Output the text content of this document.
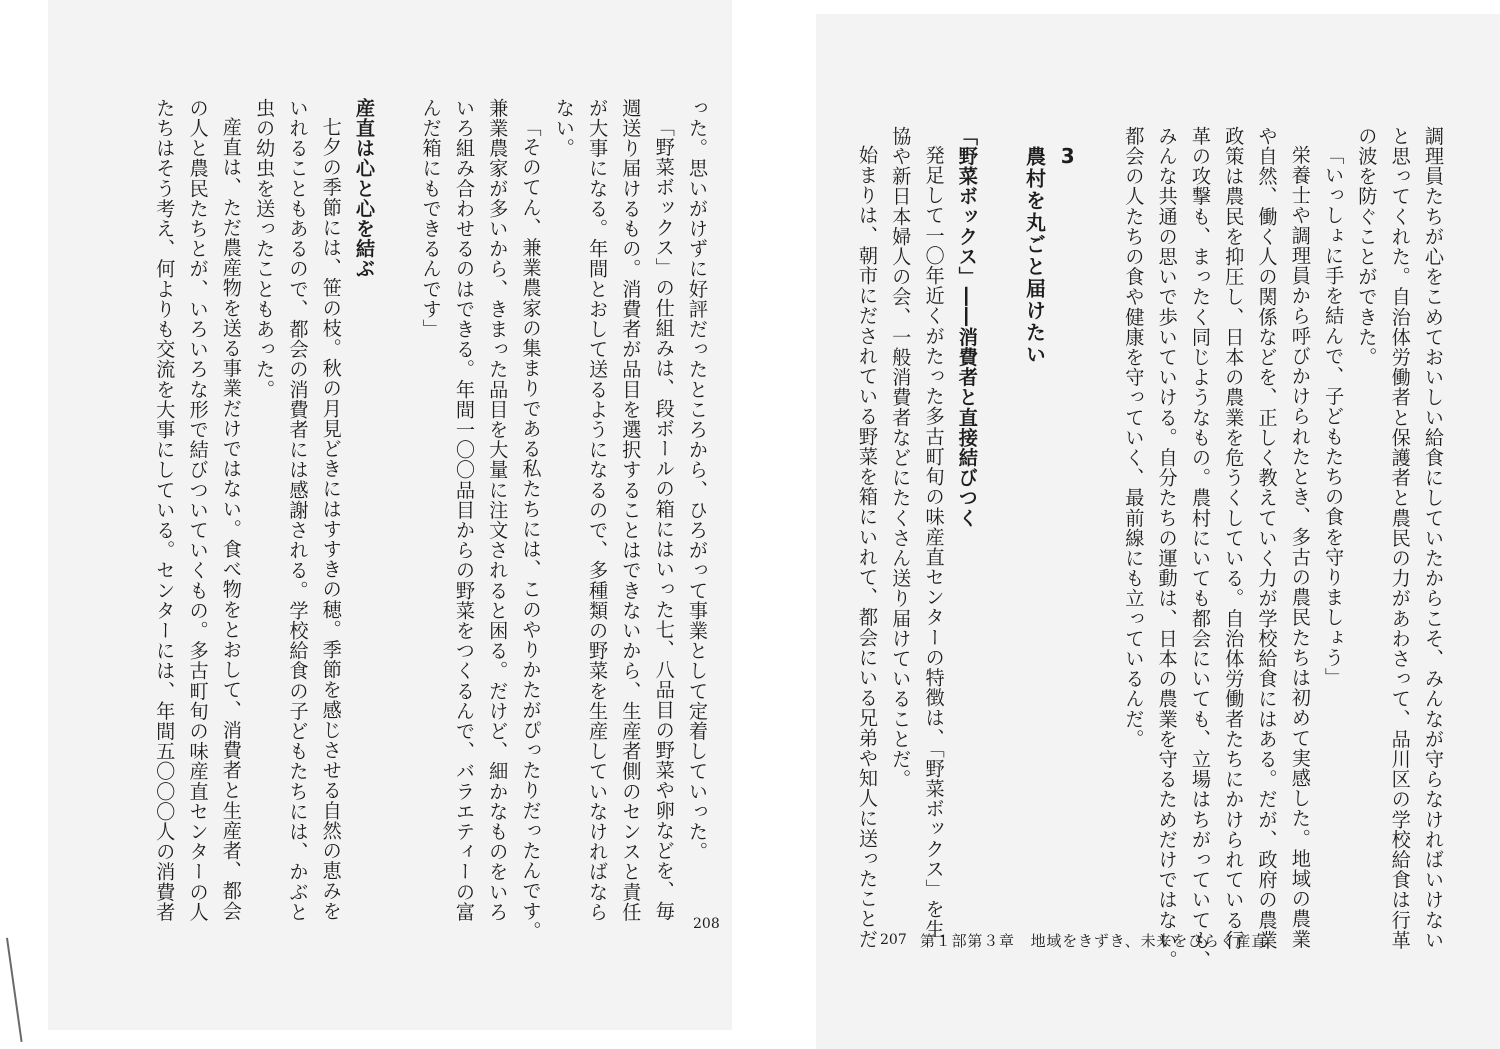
った。思いがけずに好評だったところから、ひろがって事業として定着していった。
「野菜ボックス」の仕組みは、段ボールの箱にはいった七、八品目の野菜や卵などを、毎
週送り届けるもの。消費者が品目を選択することはできないから、生産者側のセンスと責任
が大事になる。年間とおして送るようになるので、多種類の野菜を生産していなければなら
ない。
「そのてん、兼業農家の集まりである私たちには、このやりかたがぴったりだったんです。
兼業農家が多いから、きまった品目を大量に注文されると困る。だけど、細かなものをいろ
いろ組み合わせるのはできる。年間一〇〇品目からの野菜をつくるんで、バラエティーの富
んだ箱にもできるんです」

産直は心と心を結ぶ
七夕の季節には、笹の枝。秋の月見どきにはすすきの穂。季節を感じさせる自然の恵みを
いれることもあるので、都会の消費者には感謝される。学校給食の子どもたちには、かぶと
虫の幼虫を送ったこともあった。
産直は、ただ農産物を送る事業だけではない。食べ物をとおして、消費者と生産者、都会
の人と農民たちとが、いろいろな形で結びついていくもの。多古町旬の味産直センターの人
たちはそう考え、何よりも交流を大事にしている。センターには、年間五〇〇〇人の消費者
208	調理員たちが心をこめておいしい給食にしていたからこそ、みんなが守らなければいけない
と思ってくれた。自治体労働者と保護者と農民の力があわさって、品川区の学校給食は行革
の波を防ぐことができた。
「いっしょに手を結んで、子どもたちの食を守りましょう」
栄養士や調理員から呼びかけられたとき、多古の農民たちは初めて実感した。地域の農業
や自然、働く人の関係などを、正しく教えていく力が学校給食にはある。だが、政府の農業
政策は農民を抑圧し、日本の農業を危うくしている。自治体労働者たちにかけられている行
革の攻撃も、まったく同じようなもの。農村にいても都会にいても、立場はちがっていても、
みんな共通の思いで歩いていける。自分たちの運動は、日本の農業を守るためだけではない。
都会の人たちの食や健康を守っていく、最前線にも立っているんだ。

3
農村を丸ごと届けたい

「野菜ボックス」――消費者と直接結びつく
発足して一〇年近くがたった多古町旬の味産直センターの特徴は、「野菜ボックス」を生
協や新日本婦人の会、一般消費者などにたくさん送り届けていることだ。
始まりは、朝市にだされている野菜を箱にいれて、都会にいる兄弟や知人に送ったことだ 207 第１部第３章　地域をきずき、未来をひらく産直
